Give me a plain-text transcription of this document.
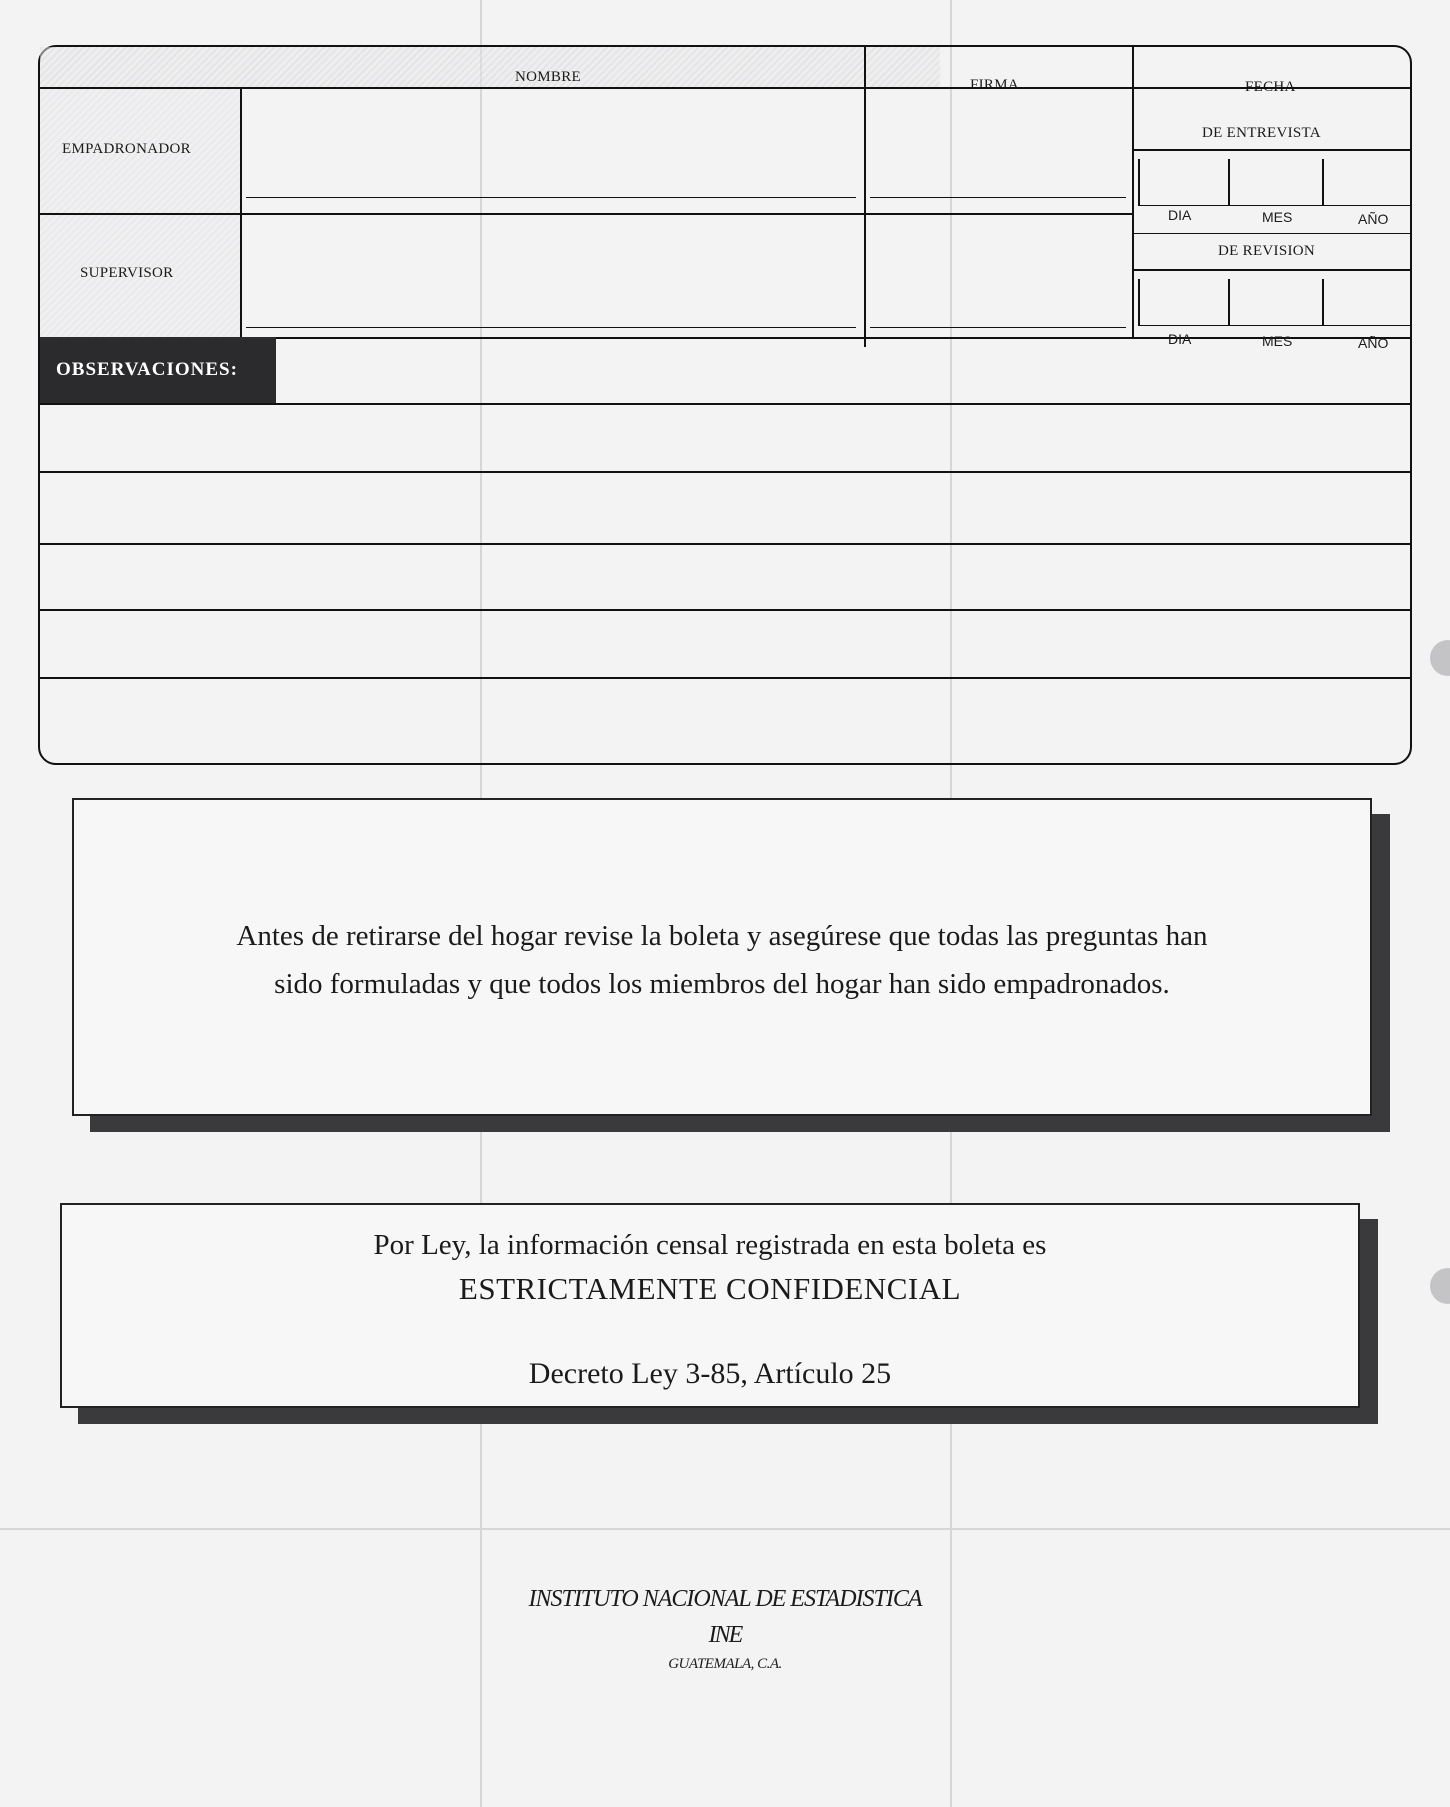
NOMBRE	FIRMA	FECHA
EMPADRONADOR
SUPERVISOR
DE ENTREVISTA
DIA	MES	AÑO
DE REVISION
DIA	MES	AÑO
OBSERVACIONES:

Antes de retirarse del hogar revise la boleta y asegúrese que todas las preguntas han

sido formuladas y que todos los miembros del hogar han sido empadronados.

Por Ley, la información censal registrada en esta boleta es

ESTRICTAMENTE CONFIDENCIAL

Decreto Ley 3-85, Artículo 25

INSTITUTO NACIONAL DE ESTADISTICA
INE
GUATEMALA, C.A.
